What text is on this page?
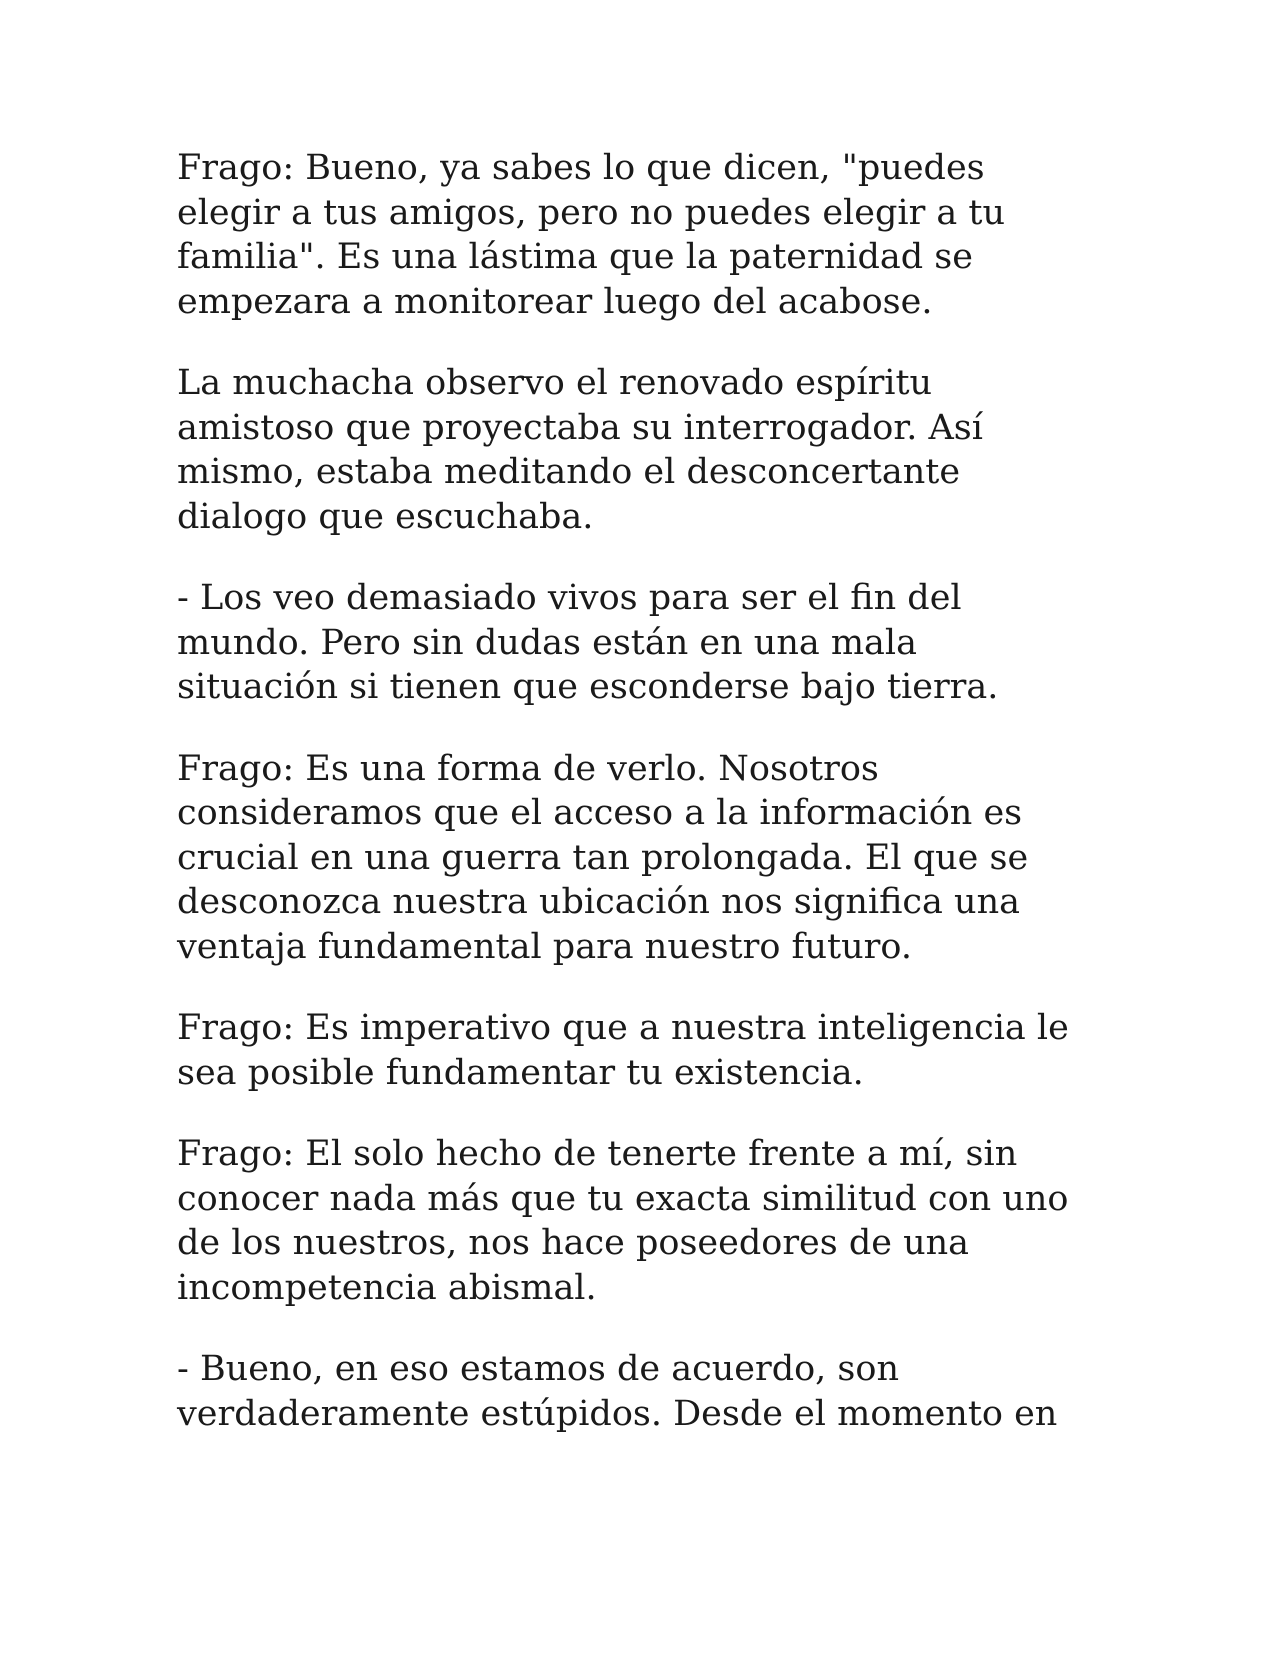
Frago: Bueno, ya sabes lo que dicen, "puedes
elegir a tus amigos, pero no puedes elegir a tu
familia". Es una lástima que la paternidad se
empezara a monitorear luego del acabose.

La muchacha observo el renovado espíritu
amistoso que proyectaba su interrogador. Así
mismo, estaba meditando el desconcertante
dialogo que escuchaba.

- Los veo demasiado vivos para ser el fin del
mundo. Pero sin dudas están en una mala
situación si tienen que esconderse bajo tierra.

Frago: Es una forma de verlo. Nosotros
consideramos que el acceso a la información es
crucial en una guerra tan prolongada. El que se
desconozca nuestra ubicación nos significa una
ventaja fundamental para nuestro futuro.

Frago: Es imperativo que a nuestra inteligencia le
sea posible fundamentar tu existencia.

Frago: El solo hecho de tenerte frente a mí, sin
conocer nada más que tu exacta similitud con uno
de los nuestros, nos hace poseedores de una
incompetencia abismal.

- Bueno, en eso estamos de acuerdo, son
verdaderamente estúpidos. Desde el momento en
